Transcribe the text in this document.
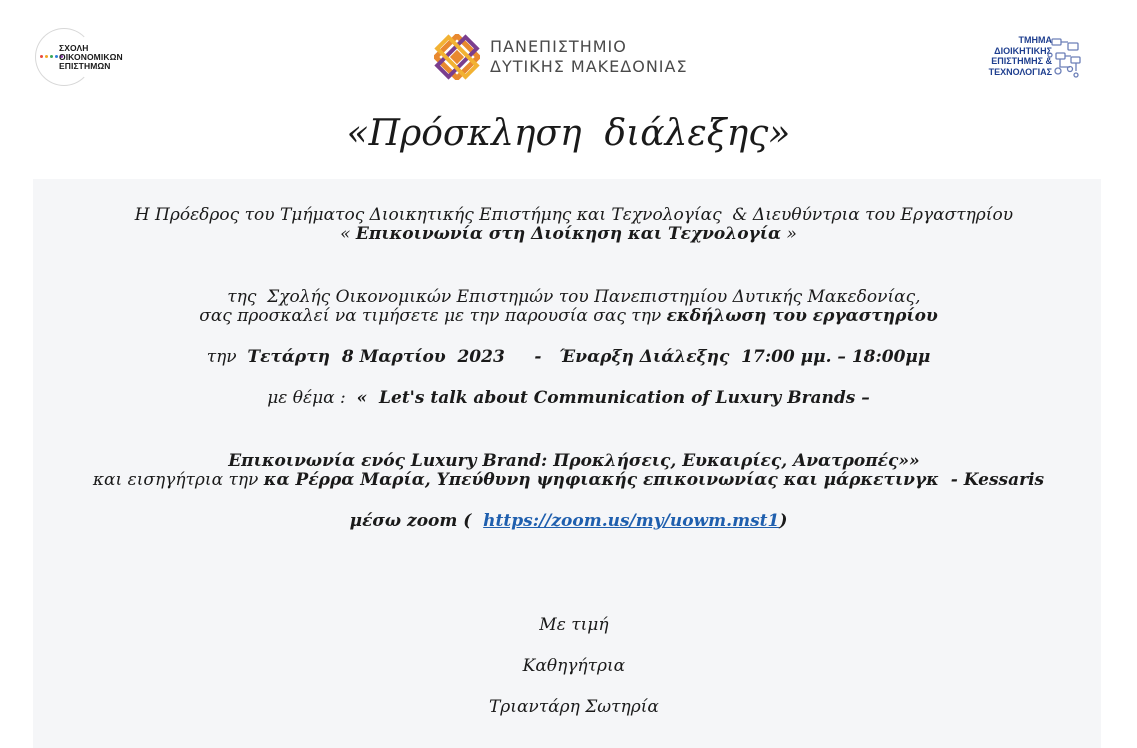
ΣΧΟΛΗ
ΟΙΚΟΝΟΜΙΚΩΝ
ΕΠΙΣΤΗΜΩΝ
ΠΑΝΕΠΙΣΤΗΜΙΟ
ΔΥΤΙΚΗΣ ΜΑΚΕΔΟΝΙΑΣ
ΤΜΗΜΑ
ΔΙΟΙΚΗΤΙΚΗΣ
ΕΠΙΣΤΗΜΗΣ &
ΤΕΧΝΟΛΟΓΙΑΣ
«Πρόσκληση  διάλεξης»

Η Πρόεδρος του Τμήματος Διοικητικής Επιστήμης και Τεχνολογίας  & Διευθύντρια του Εργαστηρίου

« Επικοινωνία στη Διοίκηση και Τεχνολογία »

της  Σχολής Οικονομικών Επιστημών του Πανεπιστημίου Δυτικής Μακεδονίας,

σας προσκαλεί να τιμήσετε με την παρουσία σας την εκδήλωση του εργαστηρίου
την  Τετάρτη  8 Μαρτίου  2023     -   Έναρξη Διάλεξης  17:00 μμ. – 18:00μμ
με θέμα :  «  Let's talk about Communication of Luxury Brands –

Επικοινωνία ενός Luxury Brand: Προκλήσεις, Ευκαιρίες, Ανατροπές»»

και εισηγήτρια την κα Ρέρρα Μαρία, Υπεύθυνη ψηφιακής επικοινωνίας και μάρκετινγκ  - Kessaris
μέσω zoom (  https://zoom.us/my/uowm.mst1)

Με τιμή

Καθηγήτρια

Τριαντάρη Σωτηρία
